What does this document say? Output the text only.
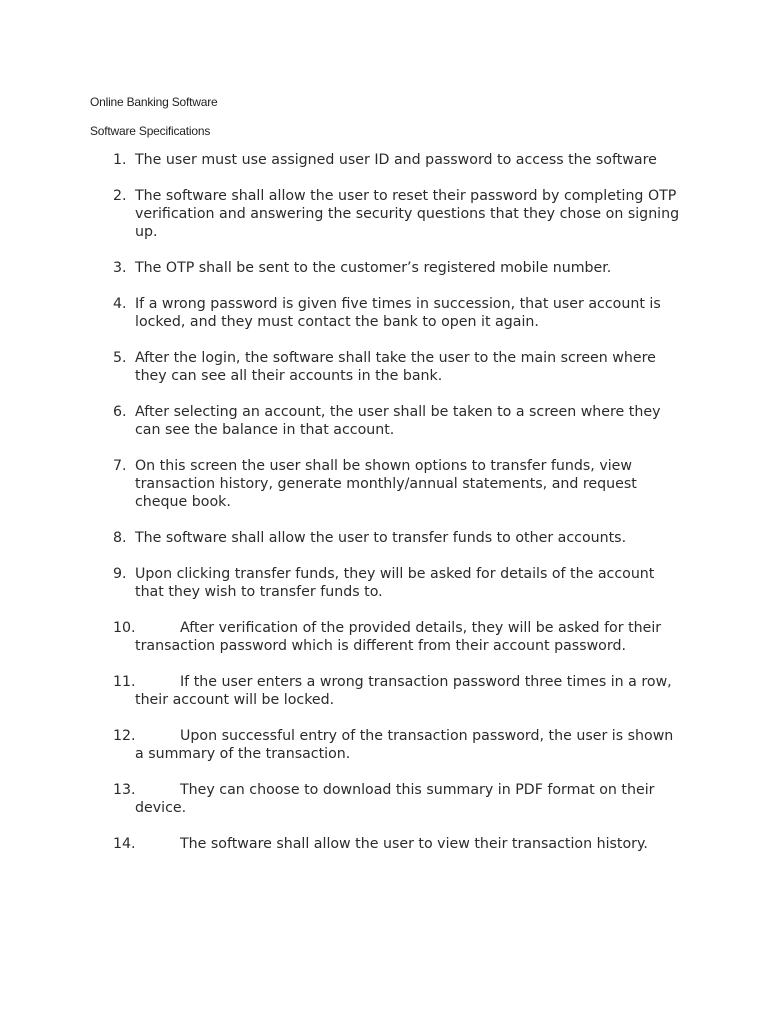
Online Banking Software
Software Specifications
1. The user must use assigned user ID and password to access the software
2. The software shall allow the user to reset their password by completing OTP verification and answering the security questions that they chose on signing up.
3. The OTP shall be sent to the customer’s registered mobile number.
4. If a wrong password is given five times in succession, that user account is locked, and they must contact the bank to open it again.
5. After the login, the software shall take the user to the main screen where they can see all their accounts in the bank.
6. After selecting an account, the user shall be taken to a screen where they can see the balance in that account.
7. On this screen the user shall be shown options to transfer funds, view transaction history, generate monthly/annual statements, and request cheque book.
8. The software shall allow the user to transfer funds to other accounts.
9. Upon clicking transfer funds, they will be asked for details of the account that they wish to transfer funds to.
10.	After verification of the provided details, they will be asked for their transaction password which is different from their account password.
11.	If the user enters a wrong transaction password three times in a row, their account will be locked.
12.	Upon successful entry of the transaction password, the user is shown a summary of the transaction.
13.	They can choose to download this summary in PDF format on their device.
14.	The software shall allow the user to view their transaction history.
